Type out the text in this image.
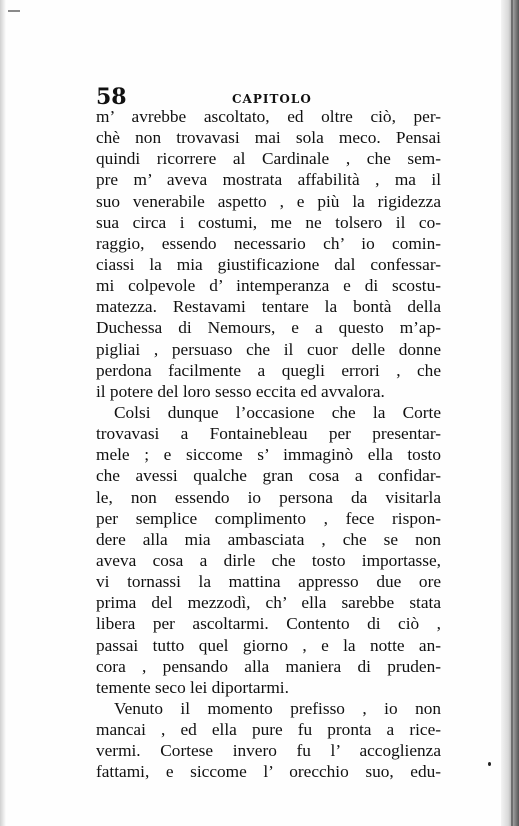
58	CAPITOLO
m’ avrebbe ascoltato, ed oltre ciò, per-
chè non trovavasi mai sola meco. Pensai
quindi ricorrere al Cardinale , che sem-
pre m’ aveva mostrata affabilità , ma il
suo venerabile aspetto , e più la rigidezza
sua circa i costumi, me ne tolsero il co-
raggio, essendo necessario ch’ io comin-
ciassi la mia giustificazione dal confessar-
mi colpevole d’ intemperanza e di scostu-
matezza. Restavami tentare la bontà della
Duchessa di Nemours, e a questo m’ap-
pigliai , persuaso che il cuor delle donne
perdona facilmente a quegli errori , che
il potere del loro sesso eccita ed avvalora.
Colsi dunque l’occasione che la Corte
trovavasi a Fontainebleau per presentar-
mele ; e siccome s’ immaginò ella tosto
che avessi qualche gran cosa a confidar-
le, non essendo io persona da visitarla
per semplice complimento , fece rispon-
dere alla mia ambasciata , che se non
aveva cosa a dirle che tosto importasse,
vi tornassi la mattina appresso due ore
prima del mezzodì, ch’ ella sarebbe stata
libera per ascoltarmi. Contento di ciò ,
passai tutto quel giorno , e la notte an-
cora , pensando alla maniera di pruden-
temente seco lei diportarmi.
Venuto il momento prefisso , io non
mancai , ed ella pure fu pronta a rice-
vermi. Cortese invero fu l’ accoglienza
fattami, e siccome l’ orecchio suo, edu-
